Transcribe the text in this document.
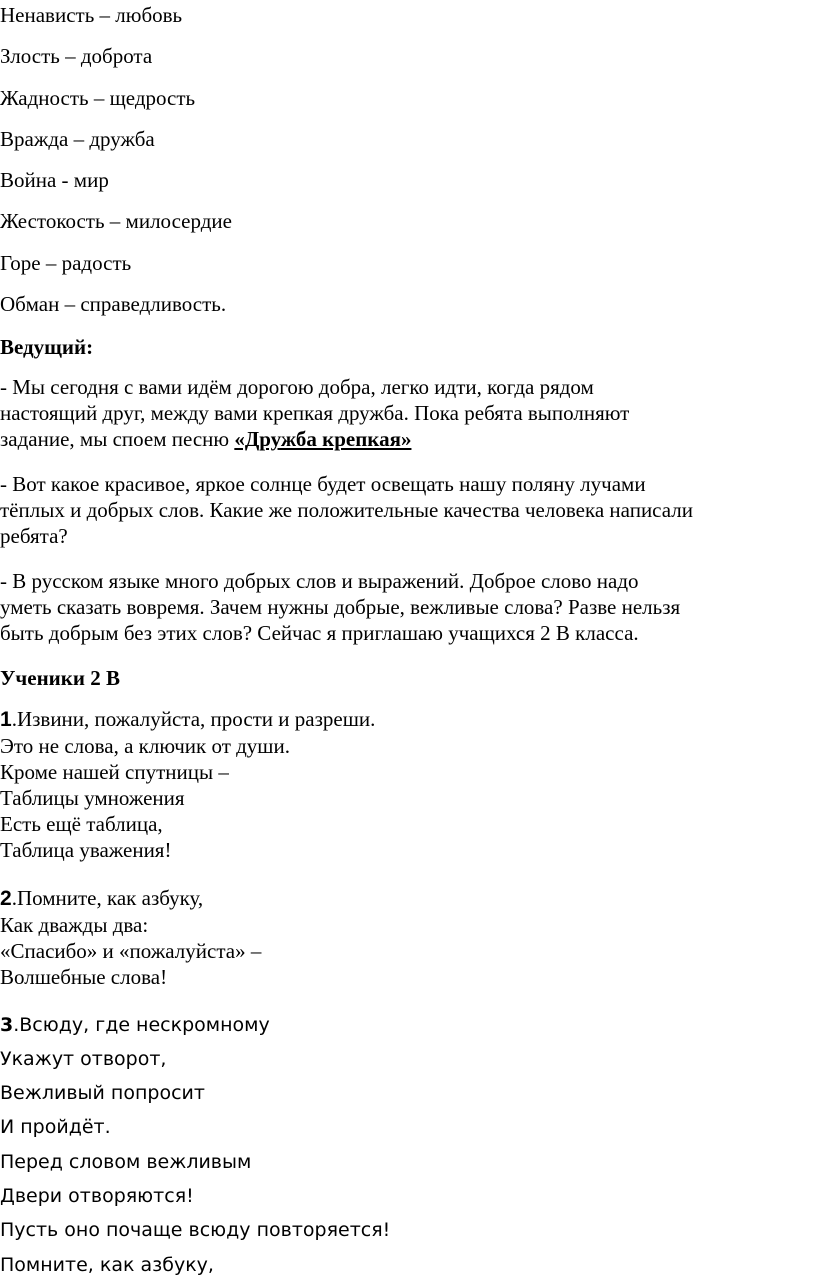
Ненависть – любовь
Злость – доброта
Жадность – щедрость
Вражда – дружба
Война - мир
Жестокость – милосердие
Горе – радость
Обман – справедливость.
Ведущий:

- Мы сегодня с вами идём дорогою добра, легко идти, когда рядом

настоящий друг, между вами крепкая дружба. Пока ребята выполняют

задание, мы споем песню «Дружба крепкая»

- Вот какое красивое, яркое солнце будет освещать нашу поляну лучами

тёплых и добрых слов. Какие же положительные качества человека написали

ребята?

- В русском языке много добрых слов и выражений. Доброе слово надо

уметь сказать вовремя. Зачем нужны добрые, вежливые слова? Разве нельзя

быть добрым без этих слов? Сейчас я приглашаю учащихся 2 В класса.

Ученики 2 В

1.Извини, пожалуйста, прости и разреши.

Это не слова, а ключик от души.

Кроме нашей спутницы –

Таблицы умножения

Есть ещё таблица,

Таблица уважения!

2.Помните, как азбуку,

Как дважды два:

«Спасибо» и «пожалуйста» –

Волшебные слова!

3.Всюду, где нескромному
Укажут отворот,
Вежливый попросит
И пройдёт.
Перед словом вежливым
Двери отворяются!
Пусть оно почаще всюду повторяется!
Помните, как азбуку,
